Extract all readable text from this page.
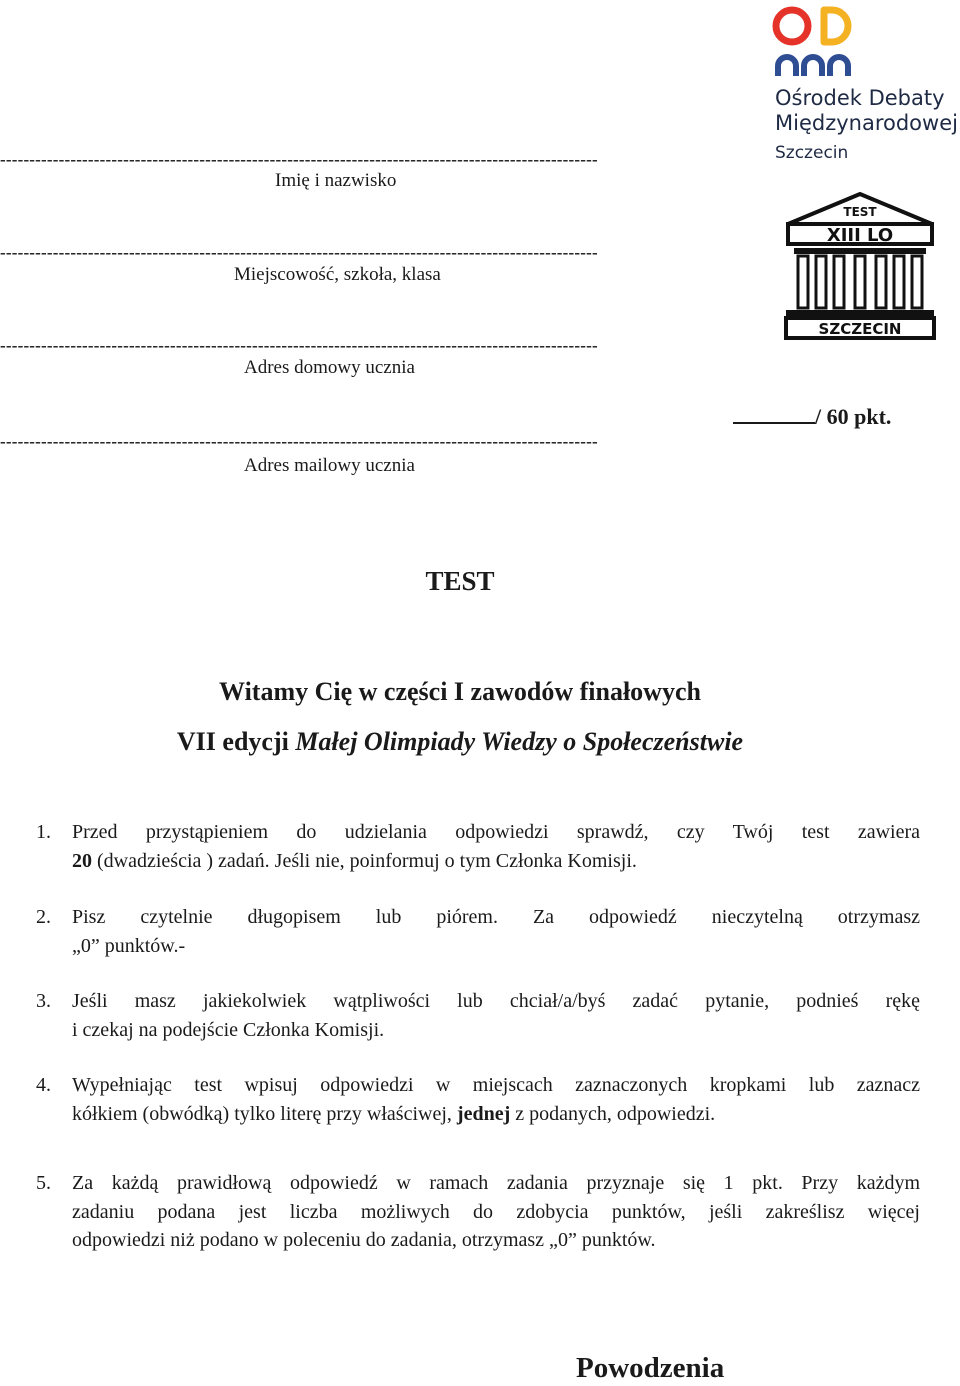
------------------------------------------------------------------------------------------------------
Imię i nazwisko
------------------------------------------------------------------------------------------------------
Miejscowość, szkoła, klasa
------------------------------------------------------------------------------------------------------
Adres domowy ucznia
------------------------------------------------------------------------------------------------------
Adres mailowy ucznia
Ośrodek Debaty
Międzynarodowej
Szczecin
TEST
XIII LO
SZCZECIN
/ 60 pkt.
TEST
Witamy Cię w części I zawodów finałowych
VII edycji Małej Olimpiady Wiedzy o Społeczeństwie
1.	Przed przystąpieniem do udzielania odpowiedzi sprawdź, czy Twój test zawiera
20 (dwadzieścia ) zadań. Jeśli nie, poinformuj o tym Członka Komisji.
2.	Pisz czytelnie długopisem lub piórem. Za odpowiedź nieczytelną otrzymasz
„0” punktów.-
3.	Jeśli masz jakiekolwiek wątpliwości lub chciał/a/byś zadać pytanie, podnieś rękę
i czekaj na podejście Członka Komisji.
4.	Wypełniając test wpisuj odpowiedzi w miejscach zaznaczonych kropkami lub zaznacz
kółkiem (obwódką) tylko literę przy właściwej, jednej z podanych, odpowiedzi.
5.	Za każdą prawidłową odpowiedź w ramach zadania przyznaje się 1 pkt. Przy każdym
zadaniu podana jest liczba możliwych do zdobycia punktów, jeśli zakreślisz więcej
odpowiedzi niż podano w poleceniu do zadania, otrzymasz „0” punktów.
Powodzenia
